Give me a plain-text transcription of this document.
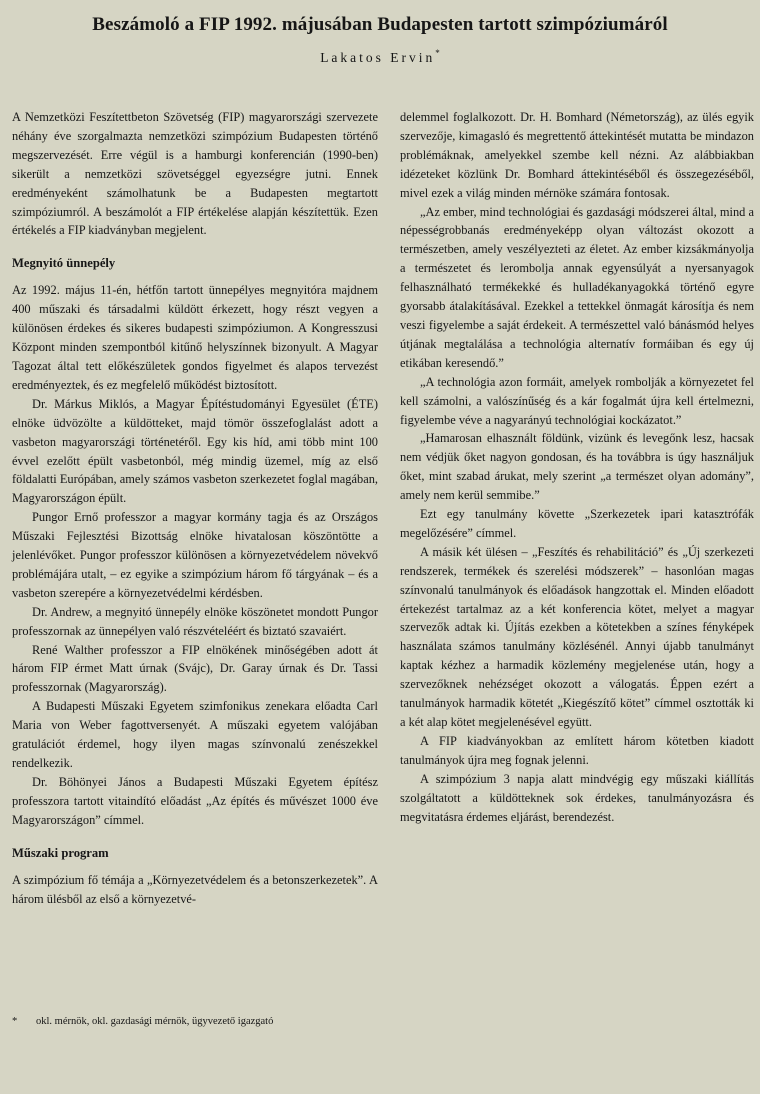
Beszámoló a FIP 1992. májusában Budapesten tartott szimpóziumáról
Lakatos Ervin*

A Nemzetközi Feszítettbeton Szövetség (FIP) magyarországi szervezete néhány éve szorgalmazta nemzetközi szimpózium Budapesten történő megszervezését. Erre végül is a hamburgi konferencián (1990-ben) sikerült a nemzetközi szövetséggel egyezségre jutni. Ennek eredményeként számolhatunk be a Budapesten megtartott szimpóziumról. A beszámolót a FIP értékelése alapján készítettük. Ezen értékelés a FIP kiadványban megjelent.

Megnyitó ünnepély

Az 1992. május 11-én, hétfőn tartott ünnepélyes megnyitóra majdnem 400 műszaki és társadalmi küldött érkezett, hogy részt vegyen a különösen érdekes és sikeres budapesti szimpóziumon. A Kongresszusi Központ minden szempontból kitűnő helyszínnek bizonyult. A Magyar Tagozat által tett előkészületek gondos figyelmet és alapos tervezést eredményeztek, és ez megfelelő működést biztosított.

Dr. Márkus Miklós, a Magyar Építéstudományi Egyesület (ÉTE) elnöke üdvözölte a küldötteket, majd tömör összefoglalást adott a vasbeton magyarországi történetéről. Egy kis híd, ami több mint 100 évvel ezelőtt épült vasbetonból, még mindig üzemel, míg az első földalatti Európában, amely számos vasbeton szerkezetet foglal magában, Magyarországon épült.

Pungor Ernő professzor a magyar kormány tagja és az Országos Műszaki Fejlesztési Bizottság elnöke hivatalosan köszöntötte a jelenlévőket. Pungor professzor különösen a környezetvédelem növekvő problémájára utalt, – ez egyike a szimpózium három fő tárgyának – és a vasbeton szerepére a környezetvédelmi kérdésben.

Dr. Andrew, a megnyitó ünnepély elnöke köszönetet mondott Pungor professzornak az ünnepélyen való részvételéért és biztató szavaiért.

René Walther professzor a FIP elnökének minőségében adott át három FIP érmet Matt úrnak (Svájc), Dr. Garay úrnak és Dr. Tassi professzornak (Magyarország).

A Budapesti Műszaki Egyetem szimfonikus zenekara előadta Carl Maria von Weber fagottversenyét. A műszaki egyetem valójában gratulációt érdemel, hogy ilyen magas színvonalú zenészekkel rendelkezik.

Dr. Böhönyei János a Budapesti Műszaki Egyetem építész professzora tartott vitaindító előadást „Az építés és művészet 1000 éve Magyarországon” címmel.

Műszaki program

A szimpózium fő témája a „Környezetvédelem és a betonszerkezetek”. A három ülésből az első a környezetvé-

delemmel foglalkozott. Dr. H. Bomhard (Németország), az ülés egyik szervezője, kimagasló és megrettentő áttekintését mutatta be mindazon problémáknak, amelyekkel szembe kell nézni. Az alábbiakban idézeteket közlünk Dr. Bomhard áttekintéséből és összegezéséből, mivel ezek a világ minden mérnöke számára fontosak.

„Az ember, mind technológiai és gazdasági módszerei által, mind a népességrobbanás eredményeképp olyan változást okozott a természetben, amely veszélyezteti az életet. Az ember kizsákmányolja a természetet és lerombolja annak egyensúlyát a nyersanyagok felhasználható termékekké és hulladékanyagokká történő egyre gyorsabb átalakításával. Ezekkel a tettekkel önmagát károsítja és nem veszi figyelembe a saját érdekeit. A természettel való bánásmód helyes útjának megtalálása a technológia alternatív formáiban és egy új etikában keresendő.”

„A technológia azon formáit, amelyek rombolják a környezetet fel kell számolni, a valószínűség és a kár fogalmát újra kell értelmezni, figyelembe véve a nagyarányú technológiai kockázatot.”

„Hamarosan elhasznált földünk, vizünk és levegőnk lesz, hacsak nem védjük őket nagyon gondosan, és ha továbbra is úgy használjuk őket, mint szabad árukat, mely szerint „a természet olyan adomány”, amely nem kerül semmibe.”

Ezt egy tanulmány követte „Szerkezetek ipari katasztrófák megelőzésére” címmel.

A másik két ülésen – „Feszítés és rehabilitáció” és „Új szerkezeti rendszerek, termékek és szerelési módszerek” – hasonlóan magas színvonalú tanulmányok és előadások hangzottak el. Minden előadott értekezést tartalmaz az a két konferencia kötet, melyet a magyar szervezők adtak ki. Újítás ezekben a kötetekben a színes fényképek használata számos tanulmány közlésénél. Annyi újabb tanulmányt kaptak kézhez a harmadik közlemény megjelenése után, hogy a szervezőknek nehézséget okozott a válogatás. Éppen ezért a tanulmányok harmadik kötetét „Kiegészítő kötet” címmel osztották ki a két alap kötet megjelenésével együtt.

A FIP kiadványokban az említett három kötetben kiadott tanulmányok újra meg fognak jelenni.

A szimpózium 3 napja alatt mindvégig egy műszaki kiállítás szolgáltatott a küldötteknek sok érdekes, tanulmányozásra és megvitatásra érdemes eljárást, berendezést.

* okl. mérnök, okl. gazdasági mérnök, ügyvezető igazgató
